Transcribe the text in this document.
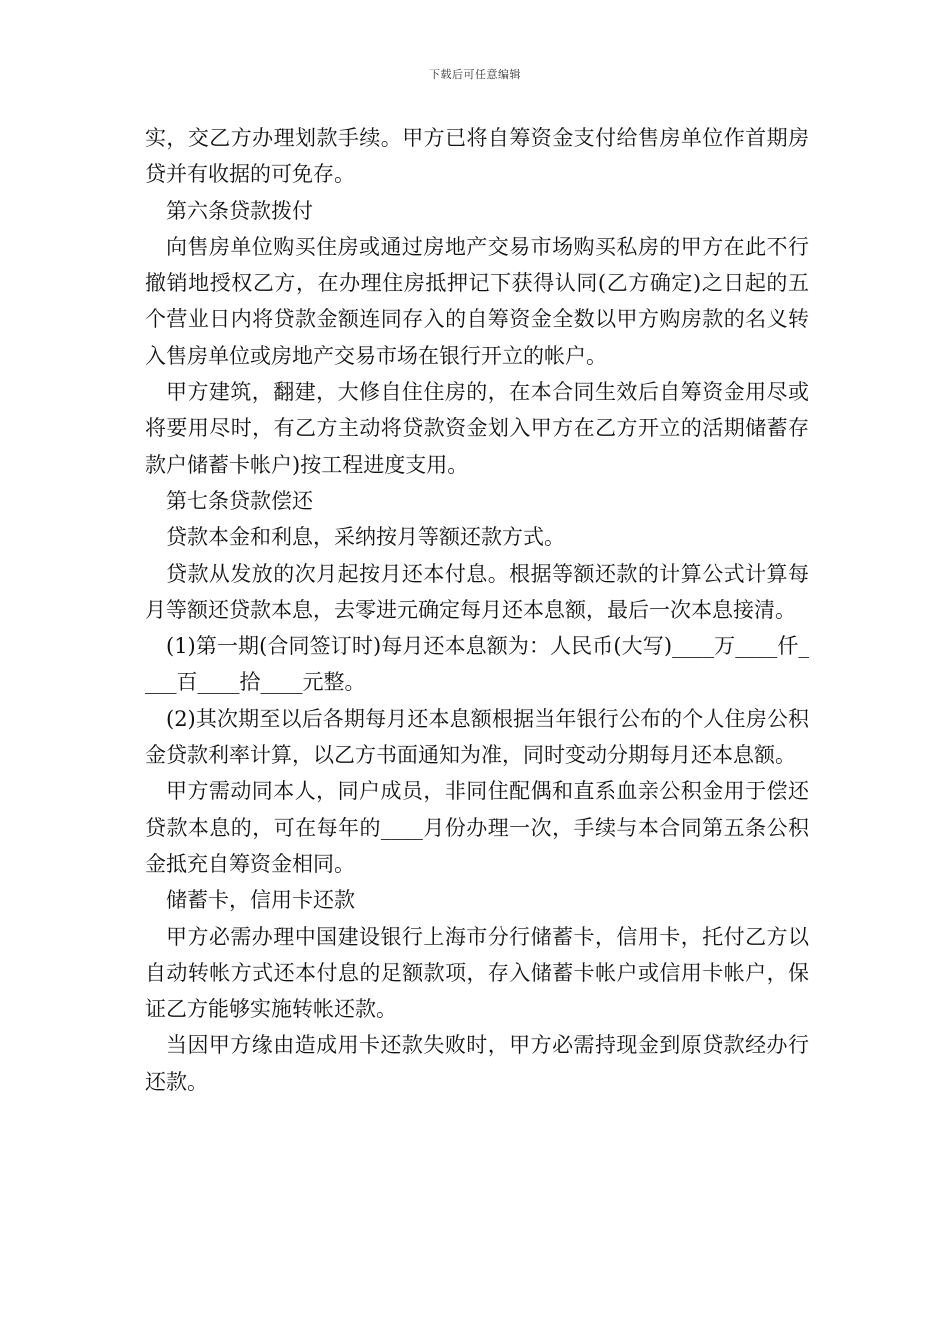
下载后可任意编辑

实，交乙方办理划款手续。甲方已将自筹资金支付给售房单位作首期房贷并有收据的可免存。

第六条贷款拨付

向售房单位购买住房或通过房地产交易市场购买私房的甲方在此不行撤销地授权乙方，在办理住房抵押记下获得认同(乙方确定)之日起的五个营业日内将贷款金额连同存入的自筹资金全数以甲方购房款的名义转入售房单位或房地产交易市场在银行开立的帐户。

甲方建筑，翻建，大修自住住房的，在本合同生效后自筹资金用尽或将要用尽时，有乙方主动将贷款资金划入甲方在乙方开立的活期储蓄存款户储蓄卡帐户)按工程进度支用。

第七条贷款偿还

贷款本金和利息，采纳按月等额还款方式。

贷款从发放的次月起按月还本付息。根据等额还款的计算公式计算每月等额还贷款本息，去零进元确定每月还本息额，最后一次本息接清。

(1)第一期(合同签订时)每月还本息额为：人民币(大写)____万____仟____百____拾____元整。

(2)其次期至以后各期每月还本息额根据当年银行公布的个人住房公积金贷款利率计算，以乙方书面通知为准，同时变动分期每月还本息额。

甲方需动同本人，同户成员，非同住配偶和直系血亲公积金用于偿还贷款本息的，可在每年的____月份办理一次，手续与本合同第五条公积金抵充自筹资金相同。

储蓄卡，信用卡还款

甲方必需办理中国建设银行上海市分行储蓄卡，信用卡，托付乙方以自动转帐方式还本付息的足额款项，存入储蓄卡帐户或信用卡帐户，保证乙方能够实施转帐还款。

当因甲方缘由造成用卡还款失败时，甲方必需持现金到原贷款经办行还款。
